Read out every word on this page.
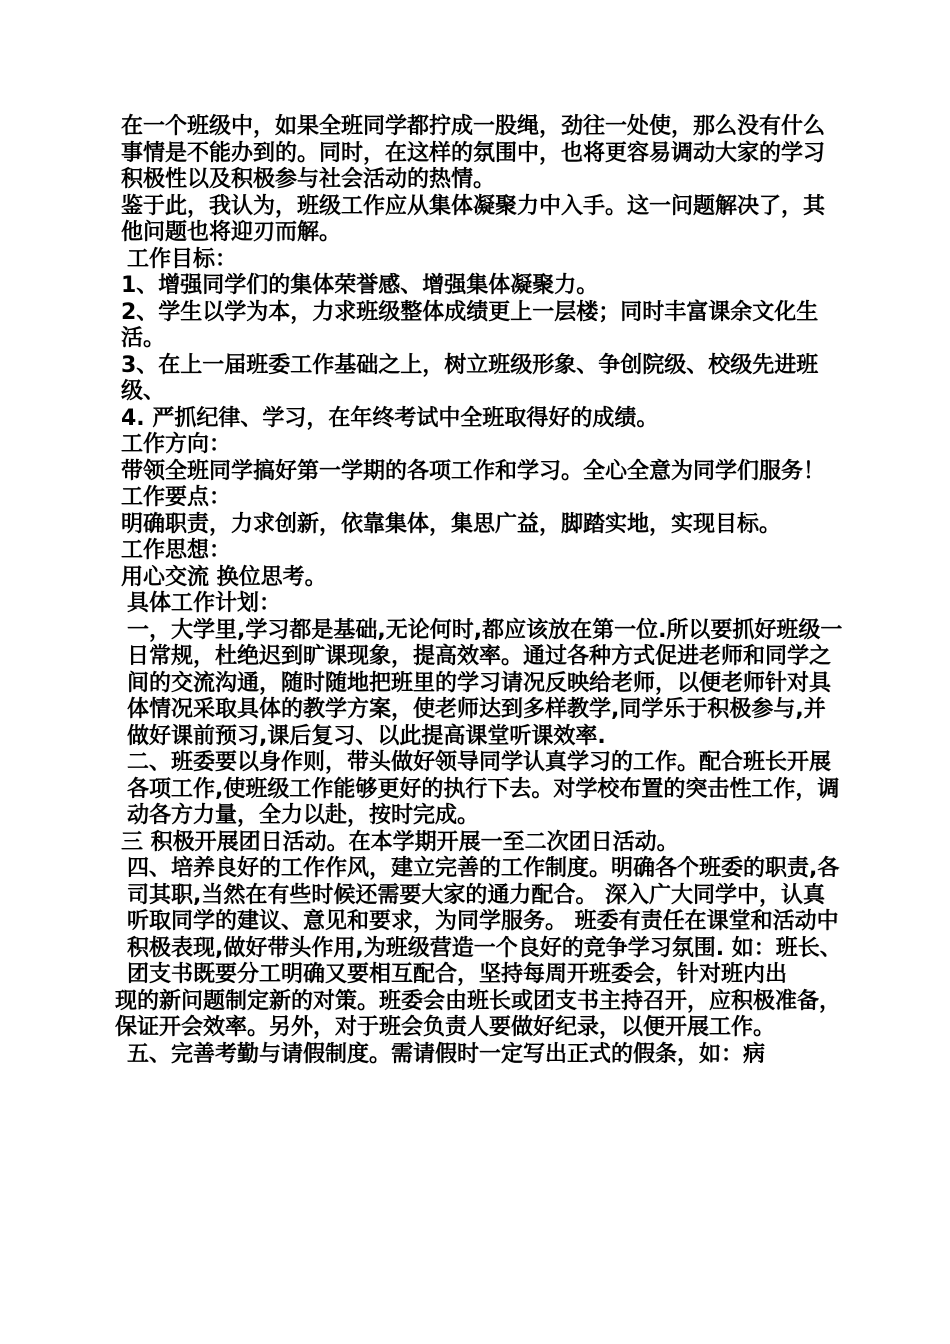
在一个班级中，如果全班同学都拧成一股绳，劲往一处使，那么没有什么事情是不能办到的。同时，在这样的氛围中，也将更容易调动大家的学习积极性以及积极参与社会活动的热情。

鉴于此，我认为，班级工作应从集体凝聚力中入手。这一问题解决了，其他问题也将迎刃而解。

工作目标：

1、增强同学们的集体荣誉感、增强集体凝聚力。

2、学生以学为本，力求班级整体成绩更上一层楼；同时丰富课余文化生活。

3、在上一届班委工作基础之上，树立班级形象、争创院级、校级先进班级、

4. 严抓纪律、学习，在年终考试中全班取得好的成绩。

工作方向：

带领全班同学搞好第一学期的各项工作和学习。全心全意为同学们服务！

工作要点：

明确职责，力求创新，依靠集体，集思广益，脚踏实地，实现目标。

工作思想：

用心交流 换位思考。

具体工作计划：

一，大学里,学习都是基础,无论何时,都应该放在第一位.所以要抓好班级一日常规，杜绝迟到旷课现象，提高效率。通过各种方式促进老师和同学之间的交流沟通，随时随地把班里的学习请况反映给老师，以便老师针对具体情况采取具体的教学方案，使老师达到多样教学,同学乐于积极参与,并做好课前预习,课后复习、以此提高课堂听课效率.

二、班委要以身作则，带头做好领导同学认真学习的工作。配合班长开展各项工作,使班级工作能够更好的执行下去。对学校布置的突击性工作，调动各方力量，全力以赴，按时完成。

三 积极开展团日活动。在本学期开展一至二次团日活动。

四、培养良好的工作作风，建立完善的工作制度。明确各个班委的职责,各司其职,当然在有些时候还需要大家的通力配合。 深入广大同学中，认真听取同学的建议、意见和要求，为同学服务。 班委有责任在课堂和活动中积极表现,做好带头作用,为班级营造一个良好的竞争学习氛围. 如：班长、团支书既要分工明确又要相互配合，坚持每周开班委会，针对班内出

现的新问题制定新的对策。班委会由班长或团支书主持召开，应积极准备，保证开会效率。另外，对于班会负责人要做好纪录，以便开展工作。

五、完善考勤与请假制度。需请假时一定写出正式的假条，如：病
